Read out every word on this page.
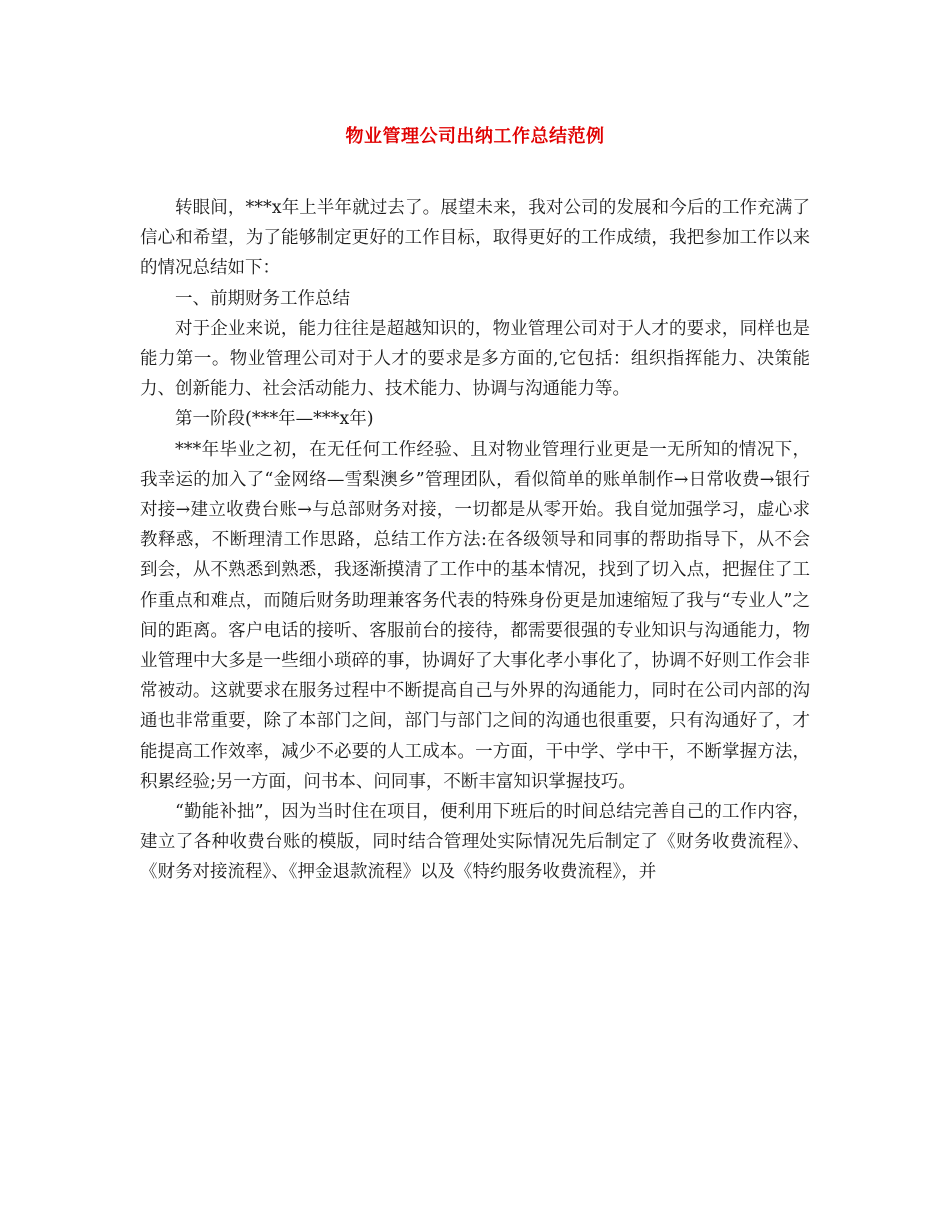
物业管理公司出纳工作总结范例

转眼间，***x年上半年就过去了。展望未来，我对公司的发展和今后的工作充满了信心和希望，为了能够制定更好的工作目标，取得更好的工作成绩，我把参加工作以来的情况总结如下：

一、前期财务工作总结

对于企业来说，能力往往是超越知识的，物业管理公司对于人才的要求，同样也是能力第一。物业管理公司对于人才的要求是多方面的,它包括：组织指挥能力、决策能力、创新能力、社会活动能力、技术能力、协调与沟通能力等。

第一阶段(***年—***x年)

***年毕业之初，在无任何工作经验、且对物业管理行业更是一无所知的情况下，我幸运的加入了“金网络—雪梨澳乡”管理团队，看似简单的账单制作→日常收费→银行对接→建立收费台账→与总部财务对接，一切都是从零开始。我自觉加强学习，虚心求教释惑，不断理清工作思路，总结工作方法:在各级领导和同事的帮助指导下，从不会到会，从不熟悉到熟悉，我逐渐摸清了工作中的基本情况，找到了切入点，把握住了工作重点和难点，而随后财务助理兼客务代表的特殊身份更是加速缩短了我与“专业人”之间的距离。客户电话的接听、客服前台的接待，都需要很强的专业知识与沟通能力，物业管理中大多是一些细小琐碎的事，协调好了大事化孝小事化了，协调不好则工作会非常被动。这就要求在服务过程中不断提高自己与外界的沟通能力，同时在公司内部的沟通也非常重要，除了本部门之间，部门与部门之间的沟通也很重要，只有沟通好了，才能提高工作效率，减少不必要的人工成本。一方面，干中学、学中干，不断掌握方法，积累经验;另一方面，问书本、问同事，不断丰富知识掌握技巧。

“勤能补拙”，因为当时住在项目，便利用下班后的时间总结完善自己的工作内容，建立了各种收费台账的模版，同时结合管理处实际情况先后制定了《财务收费流程》、《财务对接流程》、《押金退款流程》以及《特约服务收费流程》，并
